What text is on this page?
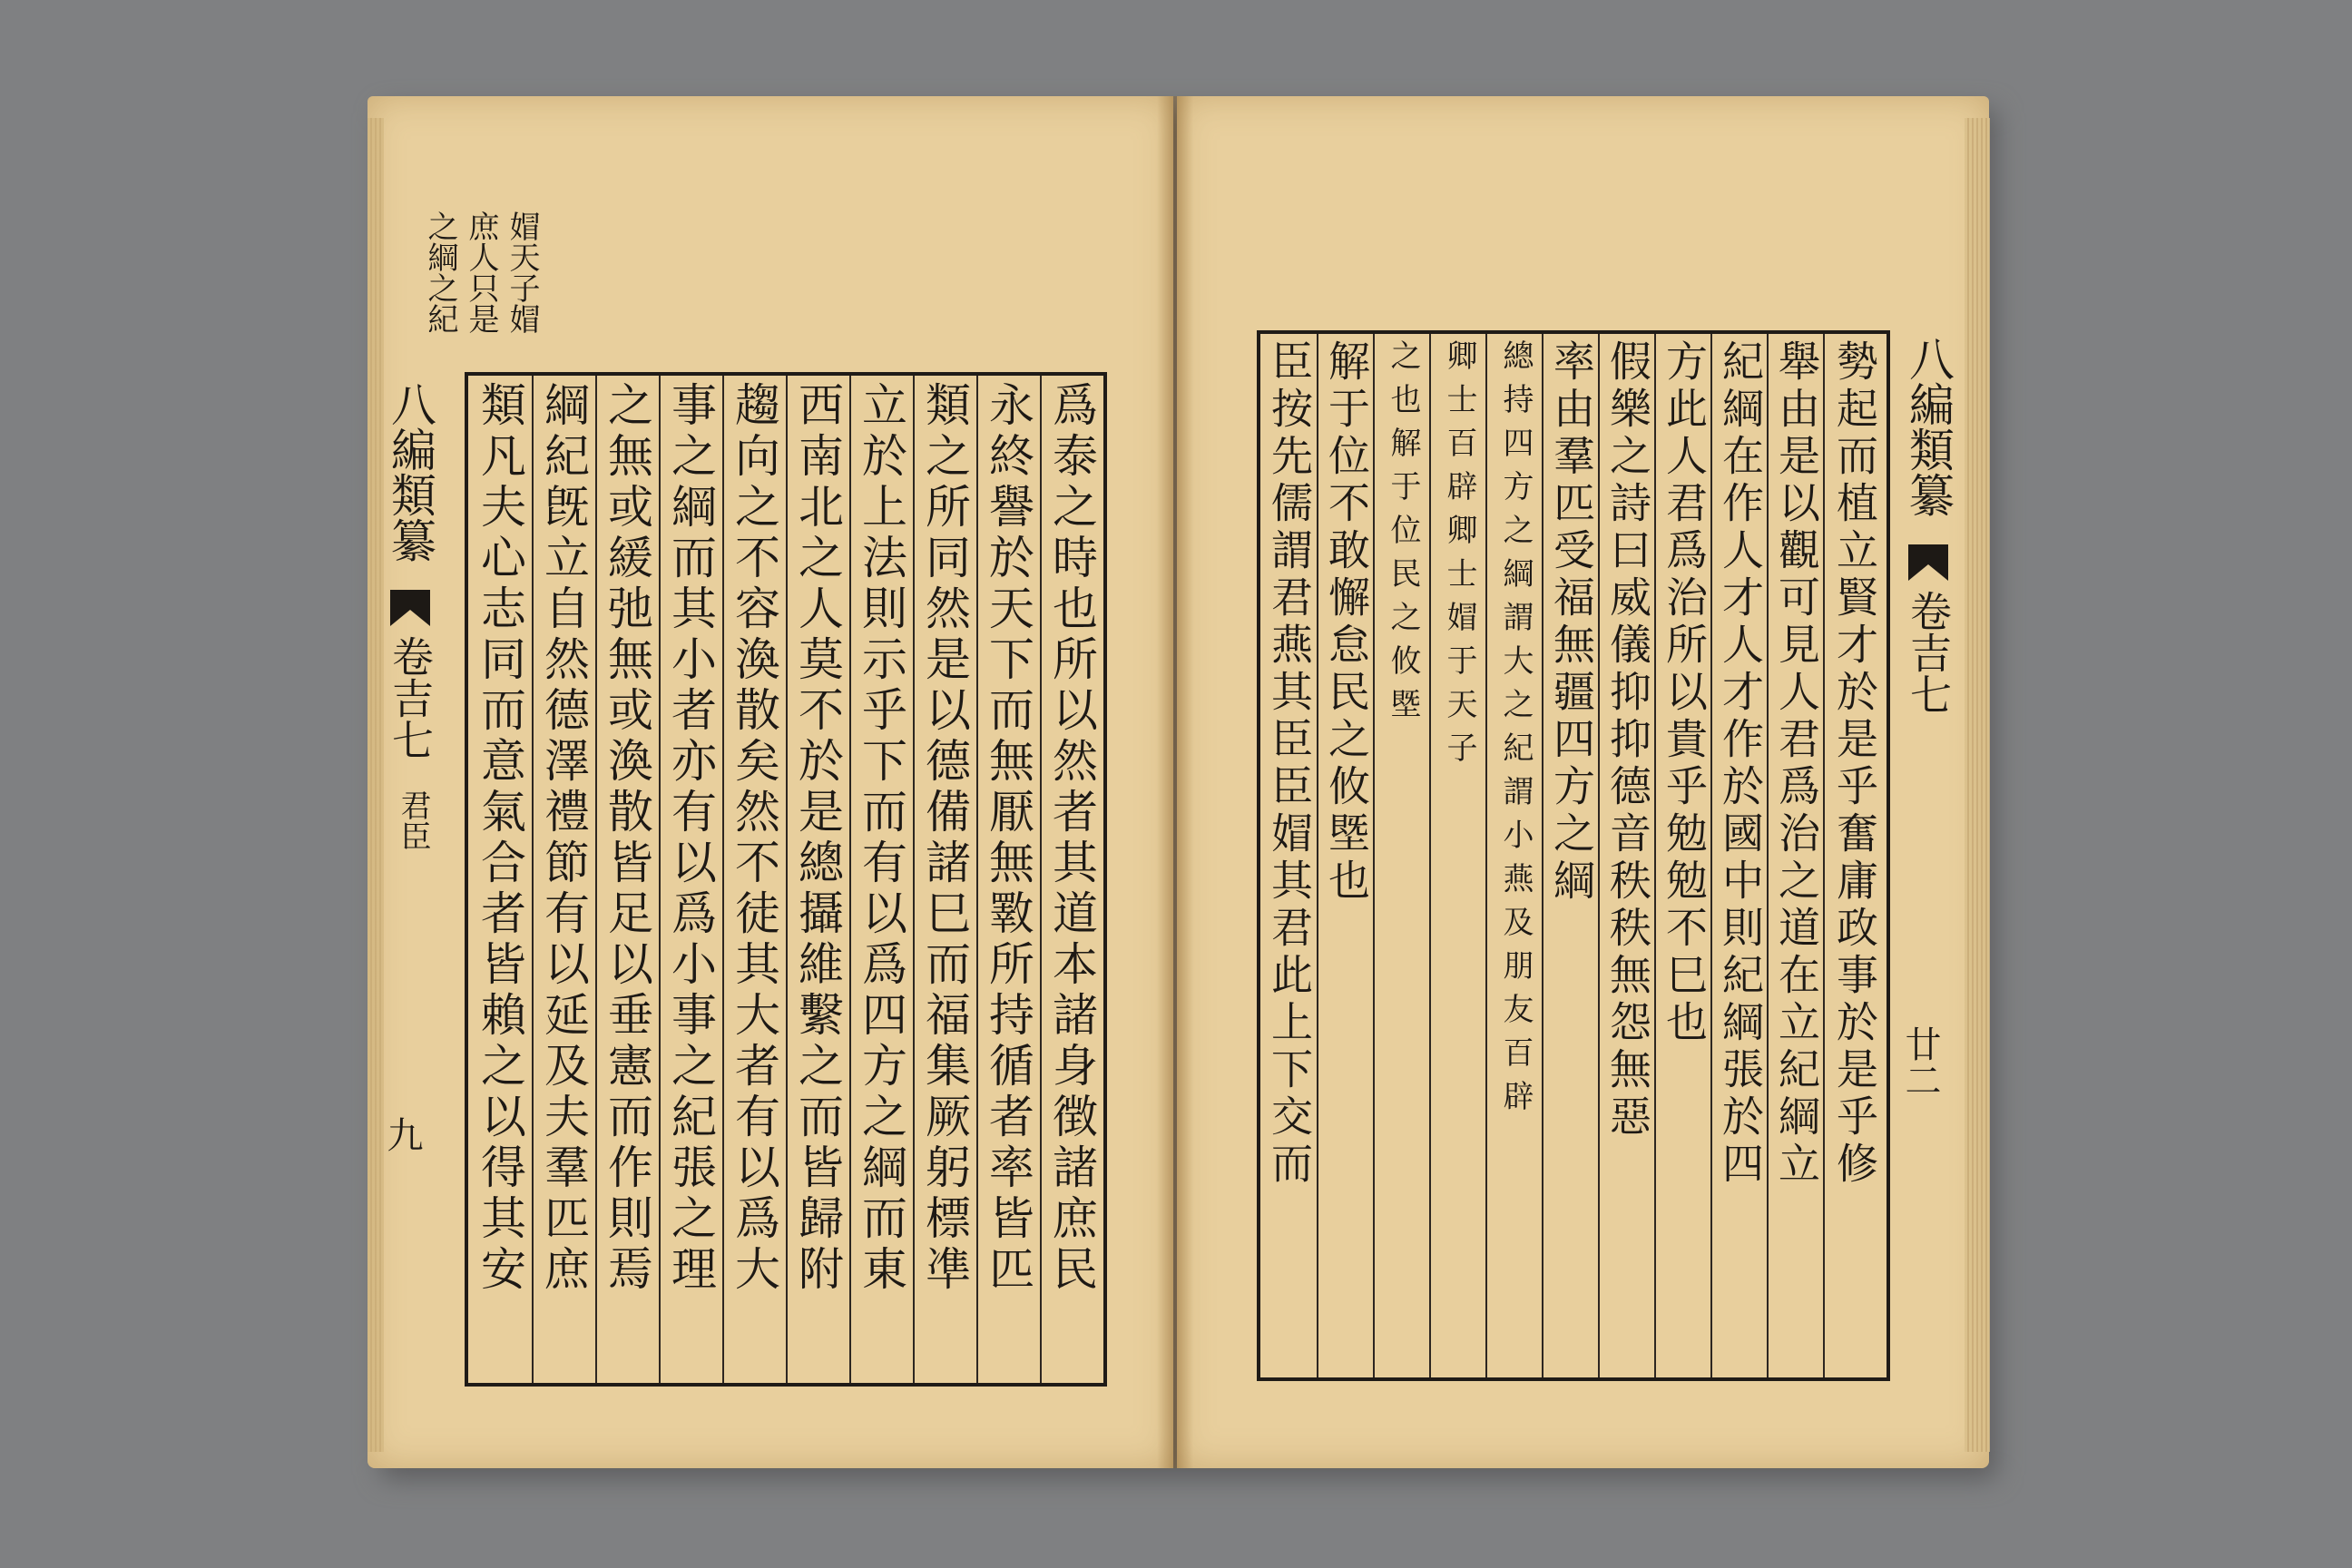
媢天子媢
庶人只是
之綱之紀
八編類纂
卷吉七
君臣
九	爲泰之時也所以然者其道本諸身徴諸庶民
永終譽於天下而無厭無斁所持循者率皆匹
類之所同然是以德備諸巳而福集厥躬標凖
立於上法則示乎下而有以爲四方之綱而東
西南北之人莫不於是總攝維繫之而皆歸附
趨向之不容渙散矣然不徒其大者有以爲大
事之綱而其小者亦有以爲小事之紀張之理
之無或緩弛無或渙散皆足以垂憲而作則焉
綱紀旣立自然德澤禮節有以延及夫羣匹庶
類凡夫心志同而意氣合者皆賴之以得其安	勢起而植立賢才於是乎奮庸政事於是乎修
舉由是以觀可見人君爲治之道在立紀綱立
紀綱在作人才人才作於國中則紀綱張於四
方此人君爲治所以貴乎勉勉不巳也
假樂之詩曰威儀抑抑德音秩秩無怨無惡
率由羣匹受福無疆四方之綱
總持四方之綱謂大之紀謂小燕及朋友百辟
卿士百辟卿士媢于天子
之也解于位民之攸塈
解于位不敢懈怠民之攸塈也
臣按先儒謂君燕其臣臣媢其君此上下交而	八編類纂
卷吉七
廿二
